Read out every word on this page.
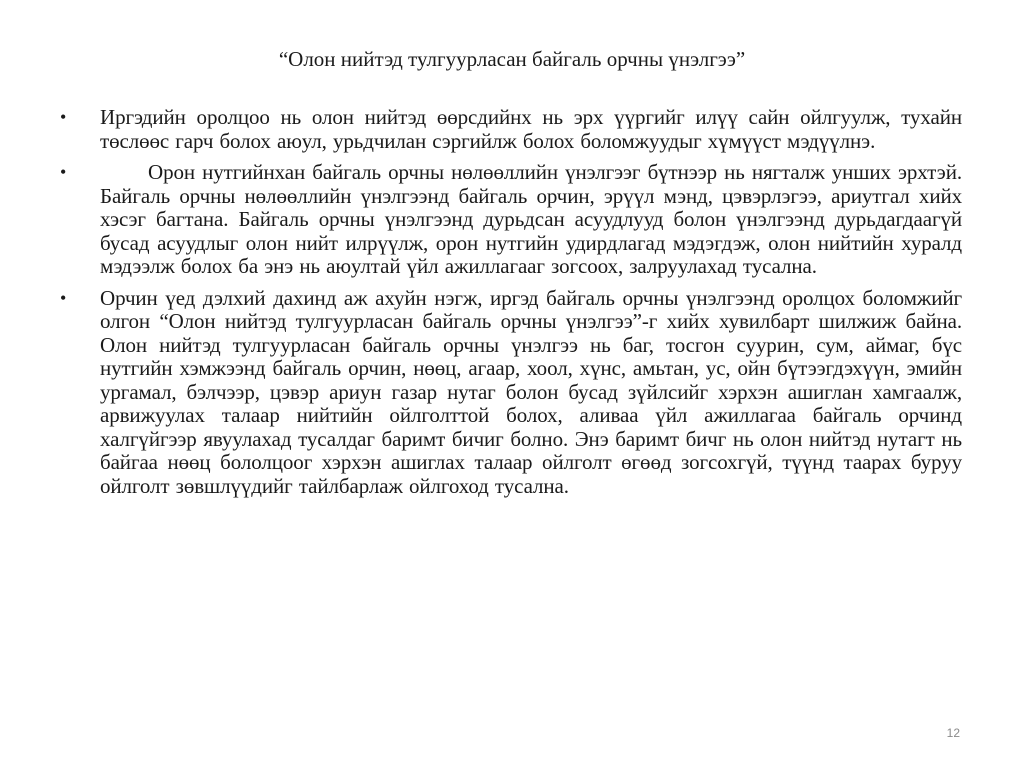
“Олон нийтэд тулгуурласан байгаль орчны үнэлгээ”
• Иргэдийн оролцоо нь олон нийтэд өөрсдийнх нь эрх үүргийг илүү сайн ойлгуулж, тухайн төслөөс гарч болох аюул, урьдчилан сэргийлж болох боломжуудыг хүмүүст мэдүүлнэ.
•	Орон нутгийнхан байгаль орчны нөлөөллийн үнэлгээг бүтнээр нь нягталж унших эрхтэй. Байгаль орчны нөлөөллийн үнэлгээнд байгаль орчин, эрүүл мэнд, цэвэрлэгээ, ариутгал хийх хэсэг багтана. Байгаль орчны үнэлгээнд дурьдсан асуудлууд болон үнэлгээнд дурьдагдаагүй бусад асуудлыг олон нийт илрүүлж, орон нутгийн удирдлагад мэдэгдэж, олон нийтийн хуралд мэдээлж болох ба энэ нь аюултай үйл ажиллагааг зогсоох, залруулахад тусална.
• Орчин үед дэлхий дахинд аж ахуйн нэгж, иргэд байгаль орчны үнэлгээнд оролцох боломжийг олгон “Олон нийтэд тулгуурласан байгаль орчны үнэлгээ”-г хийх хувилбарт шилжиж байна. Олон нийтэд тулгуурласан байгаль орчны үнэлгээ нь баг, тосгон суурин, сум, аймаг, бүс нутгийн хэмжээнд байгаль орчин, нөөц, агаар, хоол, хүнс, амьтан, ус, ойн бүтээгдэхүүн, эмийн ургамал, бэлчээр, цэвэр ариун газар нутаг болон бусад зүйлсийг хэрхэн ашиглан хамгаалж, арвижуулах талаар нийтийн ойлголттой болох, аливаа үйл ажиллагаа байгаль орчинд халгүйгээр явуулахад тусалдаг баримт бичиг болно. Энэ баримт бичг нь олон нийтэд нутагт нь байгаа нөөц бололцоог хэрхэн ашиглах талаар ойлголт өгөөд зогсохгүй, түүнд таарах буруу ойлголт зөвшлүүдийг тайлбарлаж ойлгоход тусална.
12
